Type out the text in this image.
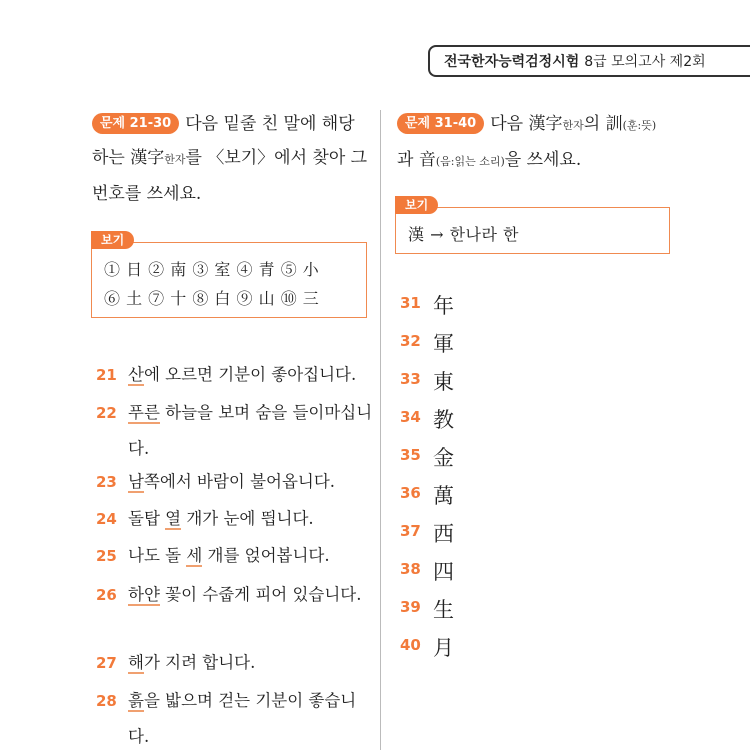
전국한자능력검정시험 8급 모의고사 제2회
문제 21-30 다음 밑줄 친 말에 해당
하는 漢字한자를 〈보기〉에서 찾아 그
번호를 쓰세요.
보기
① 日 ② 南 ③ 室 ④ 青 ⑤ 小
⑥ 土 ⑦ 十 ⑧ 白 ⑨ 山 ⑩ 三
21 산에 오르면 기분이 좋아집니다.
22 푸른 하늘을 보며 숨을 들이마십니다.
23 남쪽에서 바람이 불어옵니다.
24 돌탑 열 개가 눈에 띕니다.
25 나도 돌 세 개를 얹어봅니다.
26 하얀 꽃이 수줍게 피어 있습니다.
27 해가 지려 합니다.
28 흙을 밟으며 걷는 기분이 좋습니다.
문제 31-40 다음 漢字한자의 訓(훈:뜻)
과 音(음:읽는 소리)을 쓰세요.
보기
漢 → 한나라 한
31 年
32 軍
33 東
34 教
35 金
36 萬
37 西
38 四
39 生
40 月
